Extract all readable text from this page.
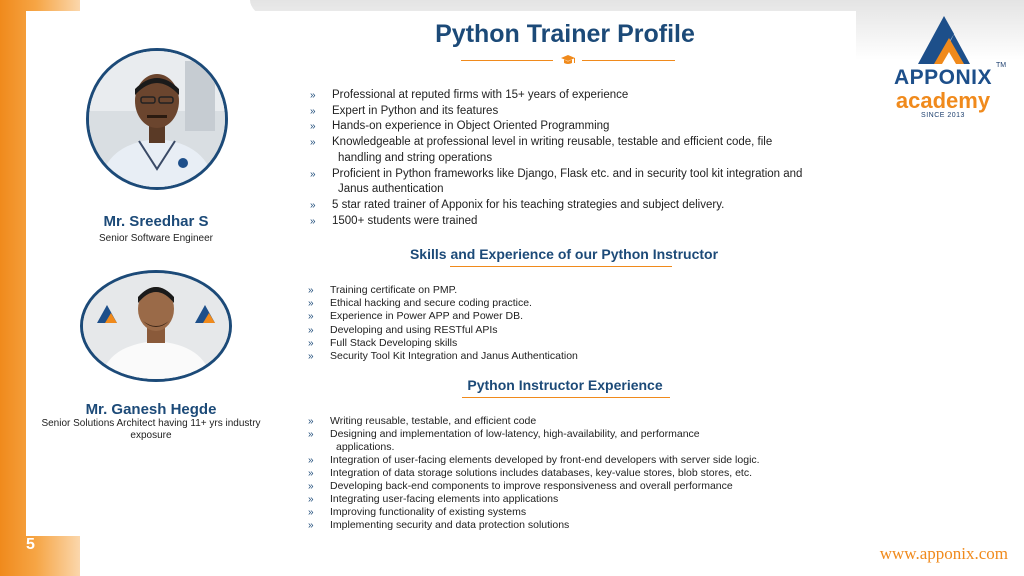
5	www.apponix.com
TM
APPONIX
academy
SINCE 2013
Python Trainer Profile
Mr. Sreedhar S
Senior Software Engineer
Mr. Ganesh Hegde
Senior Solutions Architect having 11+ yrs industry exposure
» Professional at reputed firms with 15+ years of experience
» Expert in Python and its features
» Hands-on experience in Object Oriented Programming
» Knowledgeable at professional level in writing reusable, testable and efficient code, file
handling and string operations
» Proficient in Python frameworks like Django, Flask etc. and in security tool kit integration and
Janus authentication
» 5 star rated trainer of Apponix for his teaching strategies and subject delivery.
» 1500+ students were trained
Skills and Experience of our Python Instructor
» Training certificate on PMP.
» Ethical hacking and secure coding practice.
» Experience in Power APP and Power DB.
» Developing and using RESTful APIs
» Full Stack Developing skills
» Security Tool Kit Integration and Janus Authentication
Python Instructor Experience
» Writing reusable, testable, and efficient code
» Designing and implementation of low-latency, high-availability, and performance
applications.
» Integration of user-facing elements developed by front-end developers with server side logic.
» Integration of data storage solutions includes databases, key-value stores, blob stores, etc.
» Developing back-end components to improve responsiveness and overall performance
» Integrating user-facing elements into applications
» Improving functionality of existing systems
» Implementing security and data protection solutions
